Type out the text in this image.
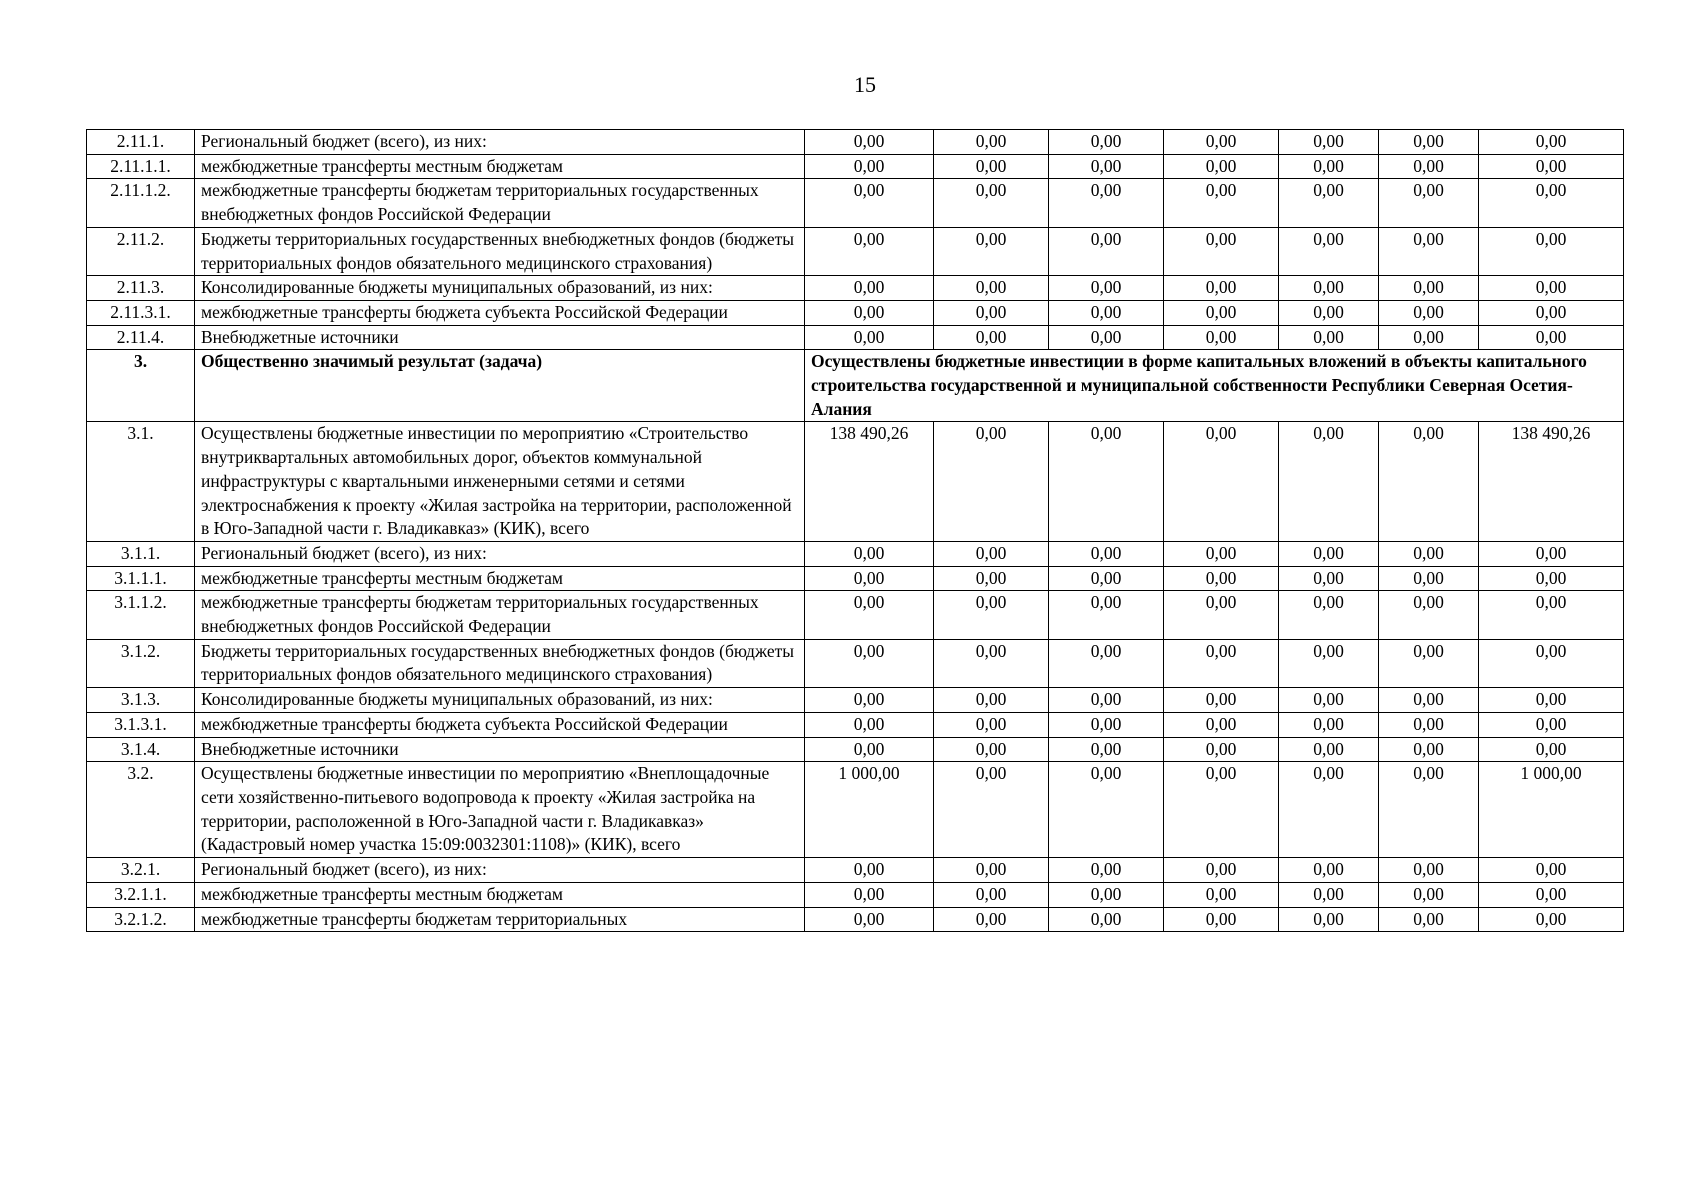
15
2.11.1.	Региональный бюджет (всего), из них:	0,00	0,00	0,00	0,00	0,00	0,00	0,00
2.11.1.1.	межбюджетные трансферты местным бюджетам	0,00	0,00	0,00	0,00	0,00	0,00	0,00
2.11.1.2.	межбюджетные трансферты бюджетам территориальных государственных внебюджетных фондов Российской Федерации	0,00	0,00	0,00	0,00	0,00	0,00	0,00
2.11.2.	Бюджеты территориальных государственных внебюджетных фондов (бюджеты территориальных фондов обязательного медицинского страхования)	0,00	0,00	0,00	0,00	0,00	0,00	0,00
2.11.3.	Консолидированные бюджеты муниципальных образований, из них:	0,00	0,00	0,00	0,00	0,00	0,00	0,00
2.11.3.1.	межбюджетные трансферты бюджета субъекта Российской Федерации	0,00	0,00	0,00	0,00	0,00	0,00	0,00
2.11.4.	Внебюджетные источники	0,00	0,00	0,00	0,00	0,00	0,00	0,00
3.	Общественно значимый результат (задача)	Осуществлены бюджетные инвестиции в форме капитальных вложений в объекты капитального строительства государственной и муниципальной собственности Республики Северная Осетия-Алания						
3.1.	Осуществлены бюджетные инвестиции по мероприятию «Строительство внутриквартальных автомобильных дорог, объектов коммунальной инфраструктуры с квартальными инженерными сетями и сетями электроснабжения к проекту «Жилая застройка на территории, расположенной в Юго-Западной части г. Владикавказ» (КИК), всего	138 490,26	0,00	0,00	0,00	0,00	0,00	138 490,26
3.1.1.	Региональный бюджет (всего), из них:	0,00	0,00	0,00	0,00	0,00	0,00	0,00
3.1.1.1.	межбюджетные трансферты местным бюджетам	0,00	0,00	0,00	0,00	0,00	0,00	0,00
3.1.1.2.	межбюджетные трансферты бюджетам территориальных государственных внебюджетных фондов Российской Федерации	0,00	0,00	0,00	0,00	0,00	0,00	0,00
3.1.2.	Бюджеты территориальных государственных внебюджетных фондов (бюджеты территориальных фондов обязательного медицинского страхования)	0,00	0,00	0,00	0,00	0,00	0,00	0,00
3.1.3.	Консолидированные бюджеты муниципальных образований, из них:	0,00	0,00	0,00	0,00	0,00	0,00	0,00
3.1.3.1.	межбюджетные трансферты бюджета субъекта Российской Федерации	0,00	0,00	0,00	0,00	0,00	0,00	0,00
3.1.4.	Внебюджетные источники	0,00	0,00	0,00	0,00	0,00	0,00	0,00
3.2.	Осуществлены бюджетные инвестиции по мероприятию «Внеплощадочные сети хозяйственно-питьевого водопровода к проекту «Жилая застройка на территории, расположенной в Юго-Западной части г. Владикавказ» (Кадастровый номер участка 15:09:0032301:1108)» (КИК), всего	1 000,00	0,00	0,00	0,00	0,00	0,00	1 000,00
3.2.1.	Региональный бюджет (всего), из них:	0,00	0,00	0,00	0,00	0,00	0,00	0,00
3.2.1.1.	межбюджетные трансферты местным бюджетам	0,00	0,00	0,00	0,00	0,00	0,00	0,00
3.2.1.2.	межбюджетные трансферты бюджетам территориальных	0,00	0,00	0,00	0,00	0,00	0,00	0,00
